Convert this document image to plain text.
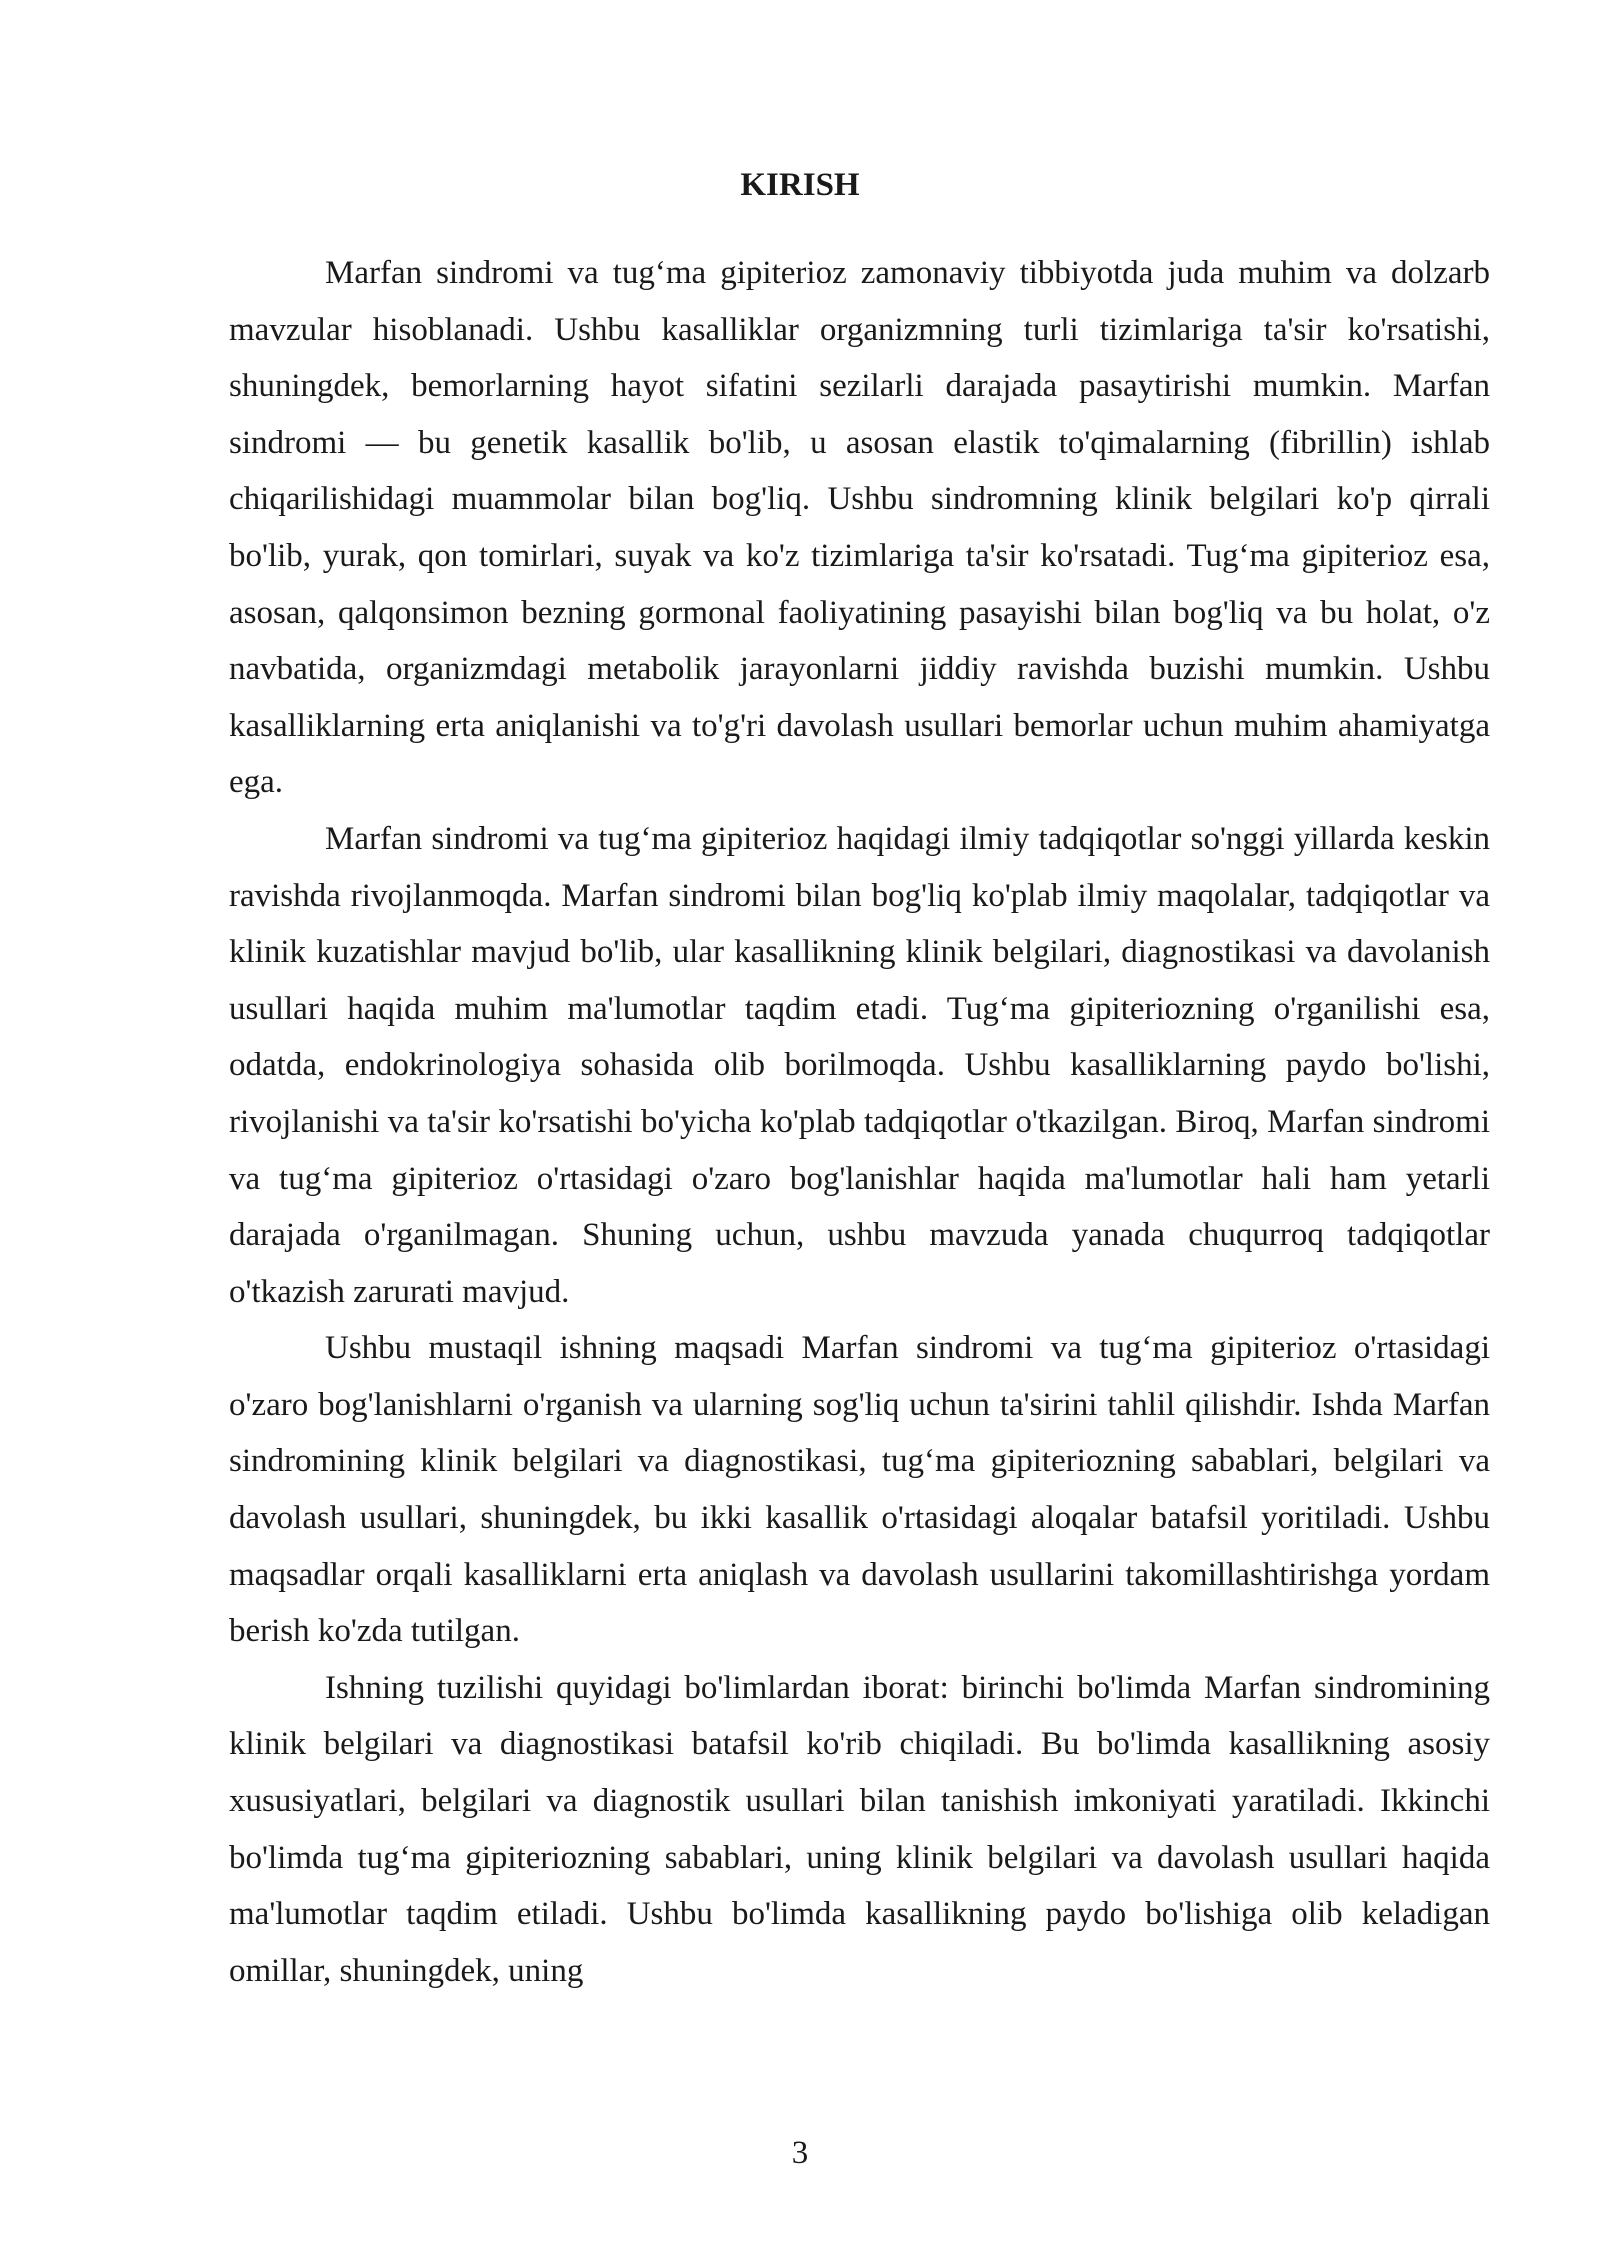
KIRISH

Marfan sindromi va tug‘ma gipiterioz zamonaviy tibbiyotda juda muhim va dolzarb mavzular hisoblanadi. Ushbu kasalliklar organizmning turli tizimlariga ta'sir ko'rsatishi, shuningdek, bemorlarning hayot sifatini sezilarli darajada pasaytirishi mumkin. Marfan sindromi — bu genetik kasallik bo'lib, u asosan elastik to'qimalarning (fibrillin) ishlab chiqarilishidagi muammolar bilan bog'liq. Ushbu sindromning klinik belgilari ko'p qirrali bo'lib, yurak, qon tomirlari, suyak va ko'z tizimlariga ta'sir ko'rsatadi. Tug‘ma gipiterioz esa, asosan, qalqonsimon bezning gormonal faoliyatining pasayishi bilan bog'liq va bu holat, o'z navbatida, organizmdagi metabolik jarayonlarni jiddiy ravishda buzishi mumkin. Ushbu kasalliklarning erta aniqlanishi va to'g'ri davolash usullari bemorlar uchun muhim ahamiyatga ega.

Marfan sindromi va tug‘ma gipiterioz haqidagi ilmiy tadqiqotlar so'nggi yillarda keskin ravishda rivojlanmoqda. Marfan sindromi bilan bog'liq ko'plab ilmiy maqolalar, tadqiqotlar va klinik kuzatishlar mavjud bo'lib, ular kasallikning klinik belgilari, diagnostikasi va davolanish usullari haqida muhim ma'lumotlar taqdim etadi. Tug‘ma gipiteriozning o'rganilishi esa, odatda, endokrinologiya sohasida olib borilmoqda. Ushbu kasalliklarning paydo bo'lishi, rivojlanishi va ta'sir ko'rsatishi bo'yicha ko'plab tadqiqotlar o'tkazilgan. Biroq, Marfan sindromi va tug‘ma gipiterioz o'rtasidagi o'zaro bog'lanishlar haqida ma'lumotlar hali ham yetarli darajada o'rganilmagan. Shuning uchun, ushbu mavzuda yanada chuqurroq tadqiqotlar o'tkazish zarurati mavjud.

Ushbu mustaqil ishning maqsadi Marfan sindromi va tug‘ma gipiterioz o'rtasidagi o'zaro bog'lanishlarni o'rganish va ularning sog'liq uchun ta'sirini tahlil qilishdir. Ishda Marfan sindromining klinik belgilari va diagnostikasi, tug‘ma gipiteriozning sabablari, belgilari va davolash usullari, shuningdek, bu ikki kasallik o'rtasidagi aloqalar batafsil yoritiladi. Ushbu maqsadlar orqali kasalliklarni erta aniqlash va davolash usullarini takomillashtirishga yordam berish ko'zda tutilgan.

Ishning tuzilishi quyidagi bo'limlardan iborat: birinchi bo'limda Marfan sindromining klinik belgilari va diagnostikasi batafsil ko'rib chiqiladi. Bu bo'limda kasallikning asosiy xususiyatlari, belgilari va diagnostik usullari bilan tanishish imkoniyati yaratiladi. Ikkinchi bo'limda tug‘ma gipiteriozning sabablari, uning klinik belgilari va davolash usullari haqida ma'lumotlar taqdim etiladi. Ushbu bo'limda kasallikning paydo bo'lishiga olib keladigan omillar, shuningdek, uning

3
